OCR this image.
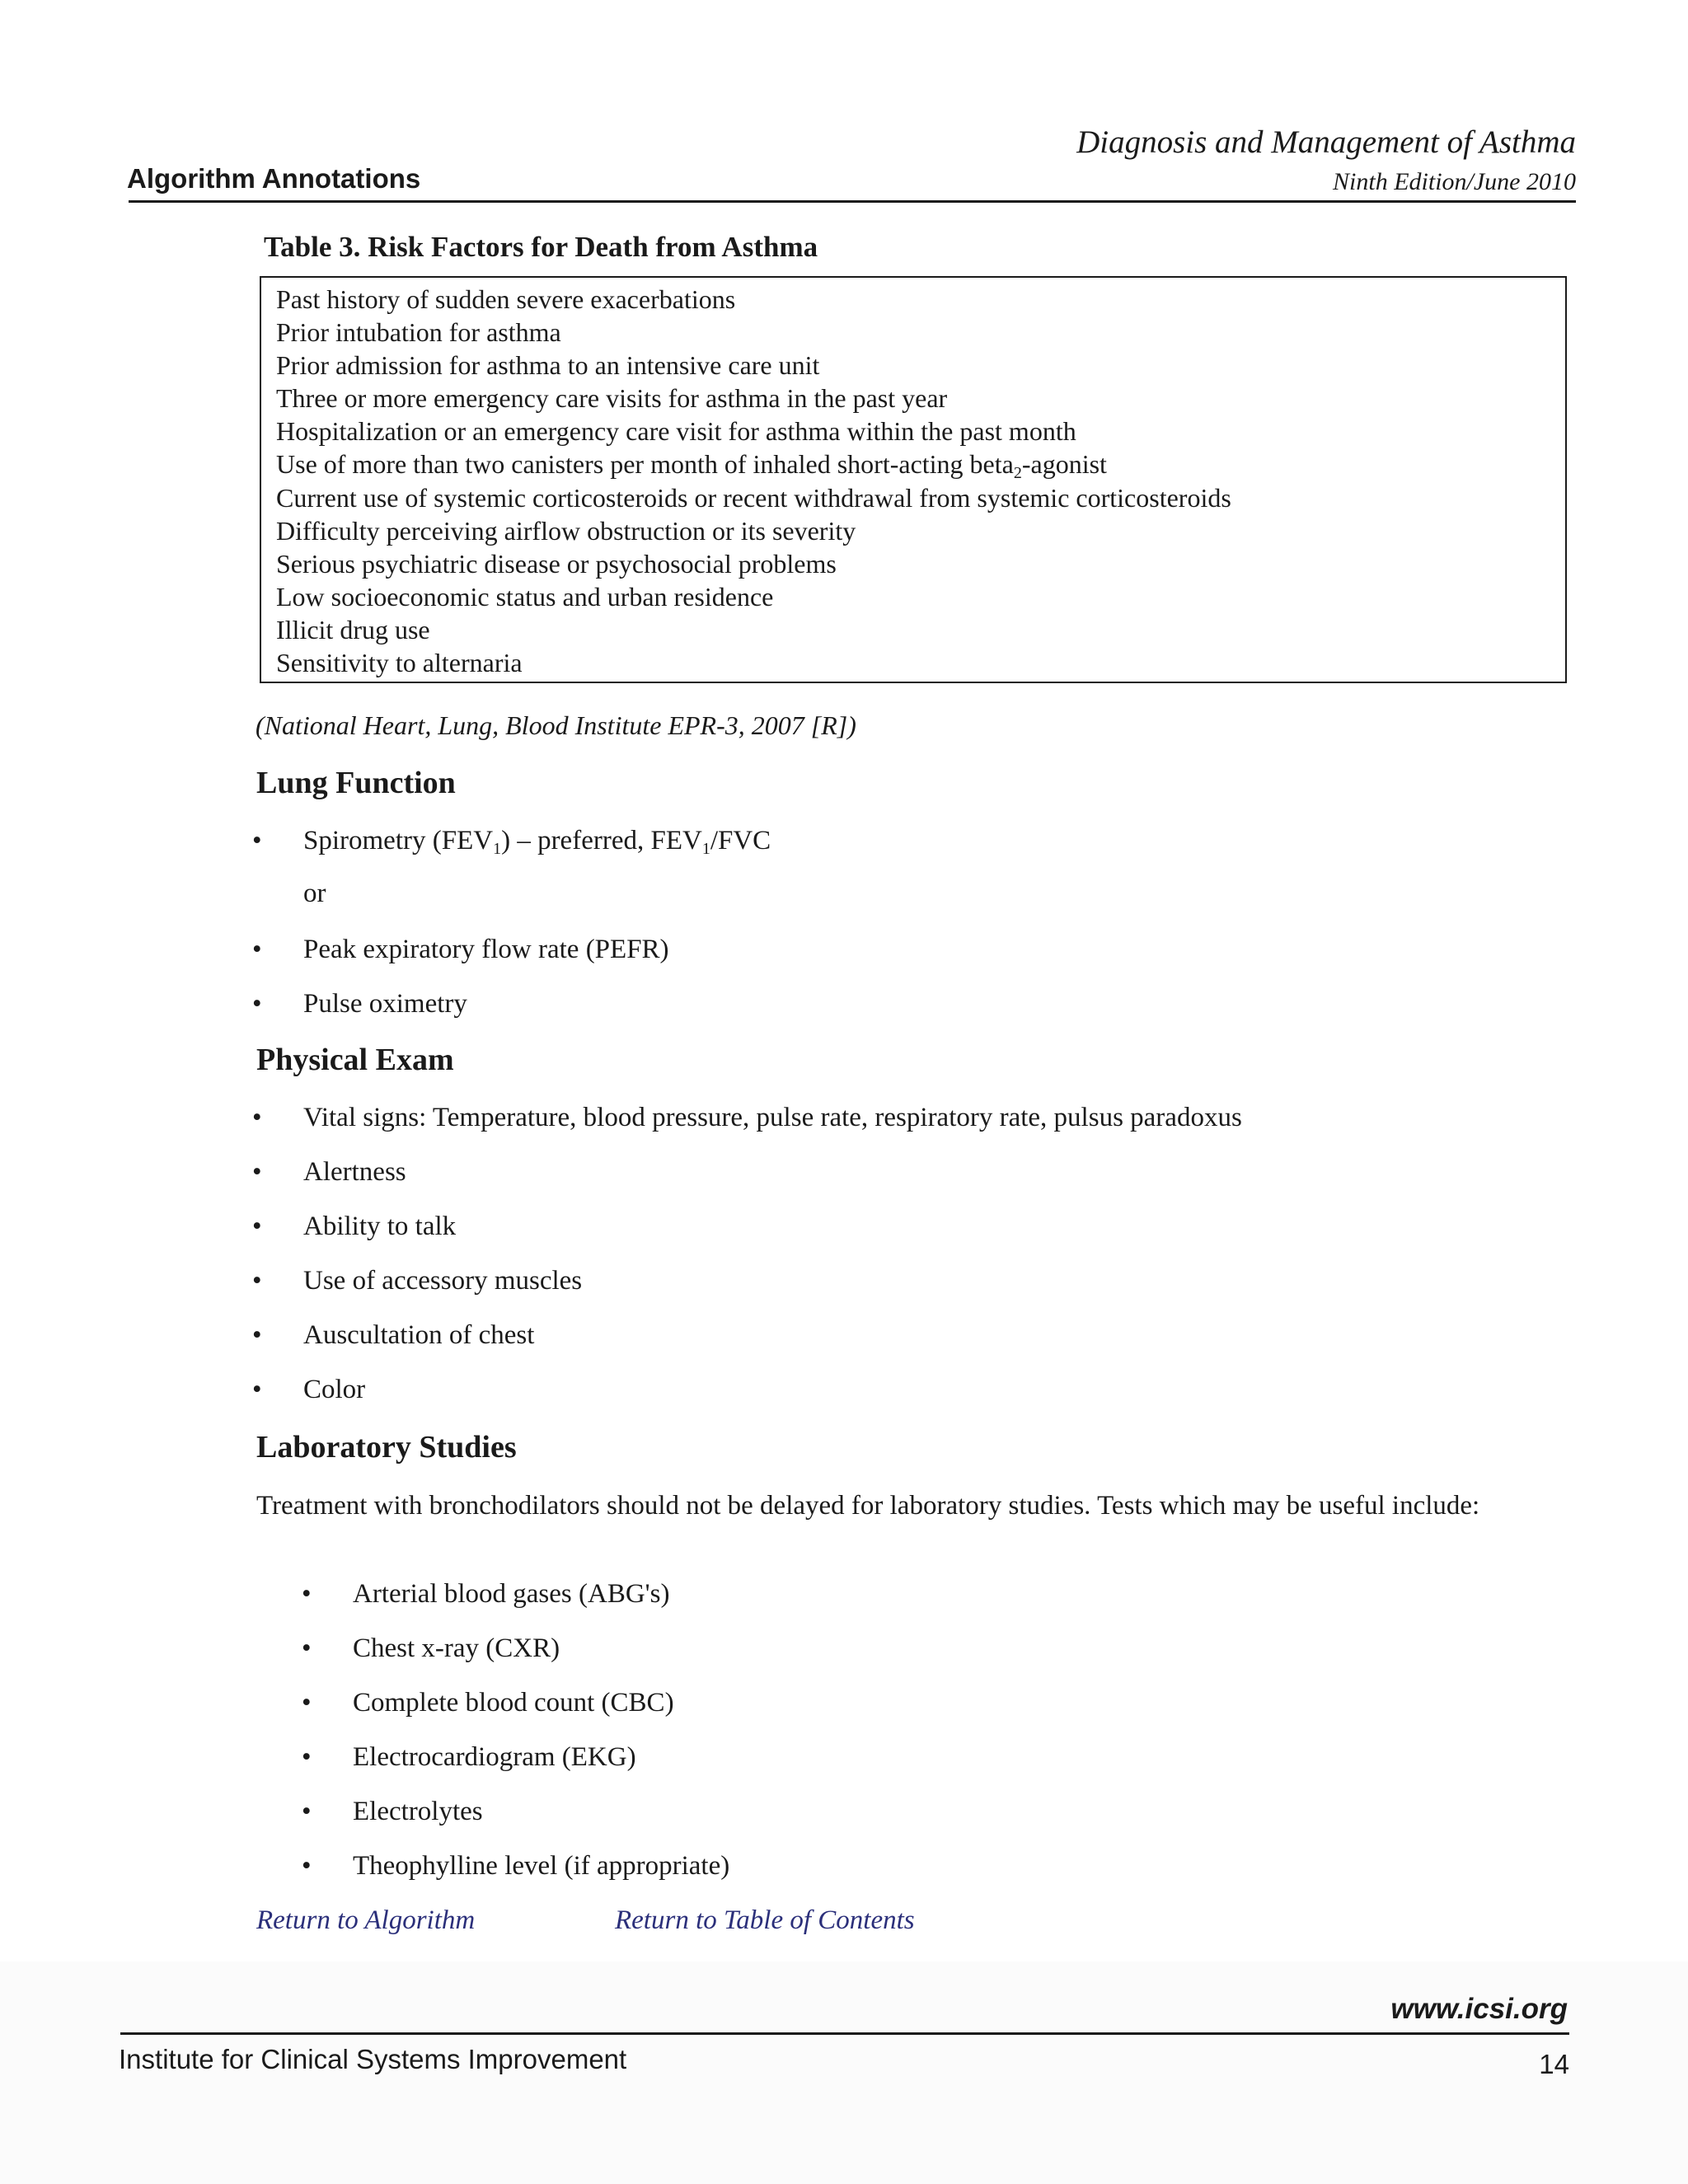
Diagnosis and Management of Asthma
Ninth Edition/June 2010
Algorithm Annotations
Table 3. Risk Factors for Death from Asthma
Past history of sudden severe exacerbations
Prior intubation for asthma
Prior admission for asthma to an intensive care unit
Three or more emergency care visits for asthma in the past year
Hospitalization or an emergency care visit for asthma within the past month
Use of more than two canisters per month of inhaled short-acting beta$_2$-agonist
Current use of systemic corticosteroids or recent withdrawal from systemic corticosteroids
Difficulty perceiving airflow obstruction or its severity
Serious psychiatric disease or psychosocial problems
Low socioeconomic status and urban residence
Illicit drug use
Sensitivity to alternaria
(National Heart, Lung, Blood Institute EPR-3, 2007 [R])
Lung Function
• Spirometry $(FEV_1)$ – preferred, $FEV_1$/FVC
or
• Peak expiratory flow rate (PEFR)
• Pulse oximetry
Physical Exam
• Vital signs: Temperature, blood pressure, pulse rate, respiratory rate, pulsus paradoxus
• Alertness
• Ability to talk
• Use of accessory muscles
• Auscultation of chest
• Color
Laboratory Studies
Treatment with bronchodilators should not be delayed for laboratory studies. Tests which may be useful include:
• Arterial blood gases (ABG's)
• Chest x-ray (CXR)
• Complete blood count (CBC)
• Electrocardiogram (EKG)
• Electrolytes
• Theophylline level (if appropriate)
Return to Algorithm	Return to Table of Contents
www.icsi.org
Institute for Clinical Systems Improvement	14
